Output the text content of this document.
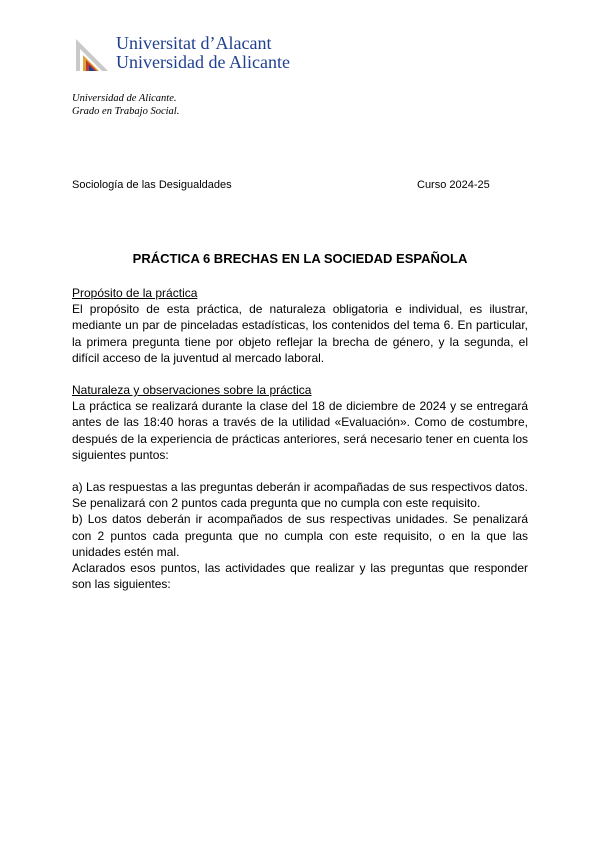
Universitat d’Alacant
Universidad de Alicante
Universidad de Alicante.
Grado en Trabajo Social.
Sociología de las Desigualdades	Curso 2024-25
PRÁCTICA 6 BRECHAS EN LA SOCIEDAD ESPAÑOLA
Propósito de la práctica

El propósito de esta práctica, de naturaleza obligatoria e individual, es ilustrar, mediante un par de pinceladas estadísticas, los contenidos del tema 6. En particular, la primera pregunta tiene por objeto reflejar la brecha de género, y la segunda, el difícil acceso de la juventud al mercado laboral.

Naturaleza y observaciones sobre la práctica

La práctica se realizará durante la clase del 18 de diciembre de 2024 y se entregará antes de las 18:40 horas a través de la utilidad «Evaluación». Como de costumbre, después de la experiencia de prácticas anteriores, será necesario tener en cuenta los siguientes puntos:

a) Las respuestas a las preguntas deberán ir acompañadas de sus respectivos datos. Se penalizará con 2 puntos cada pregunta que no cumpla con este requisito.

b) Los datos deberán ir acompañados de sus respectivas unidades. Se penalizará con 2 puntos cada pregunta que no cumpla con este requisito, o en la que las unidades estén mal.

Aclarados esos puntos, las actividades que realizar y las preguntas que responder son las siguientes:
